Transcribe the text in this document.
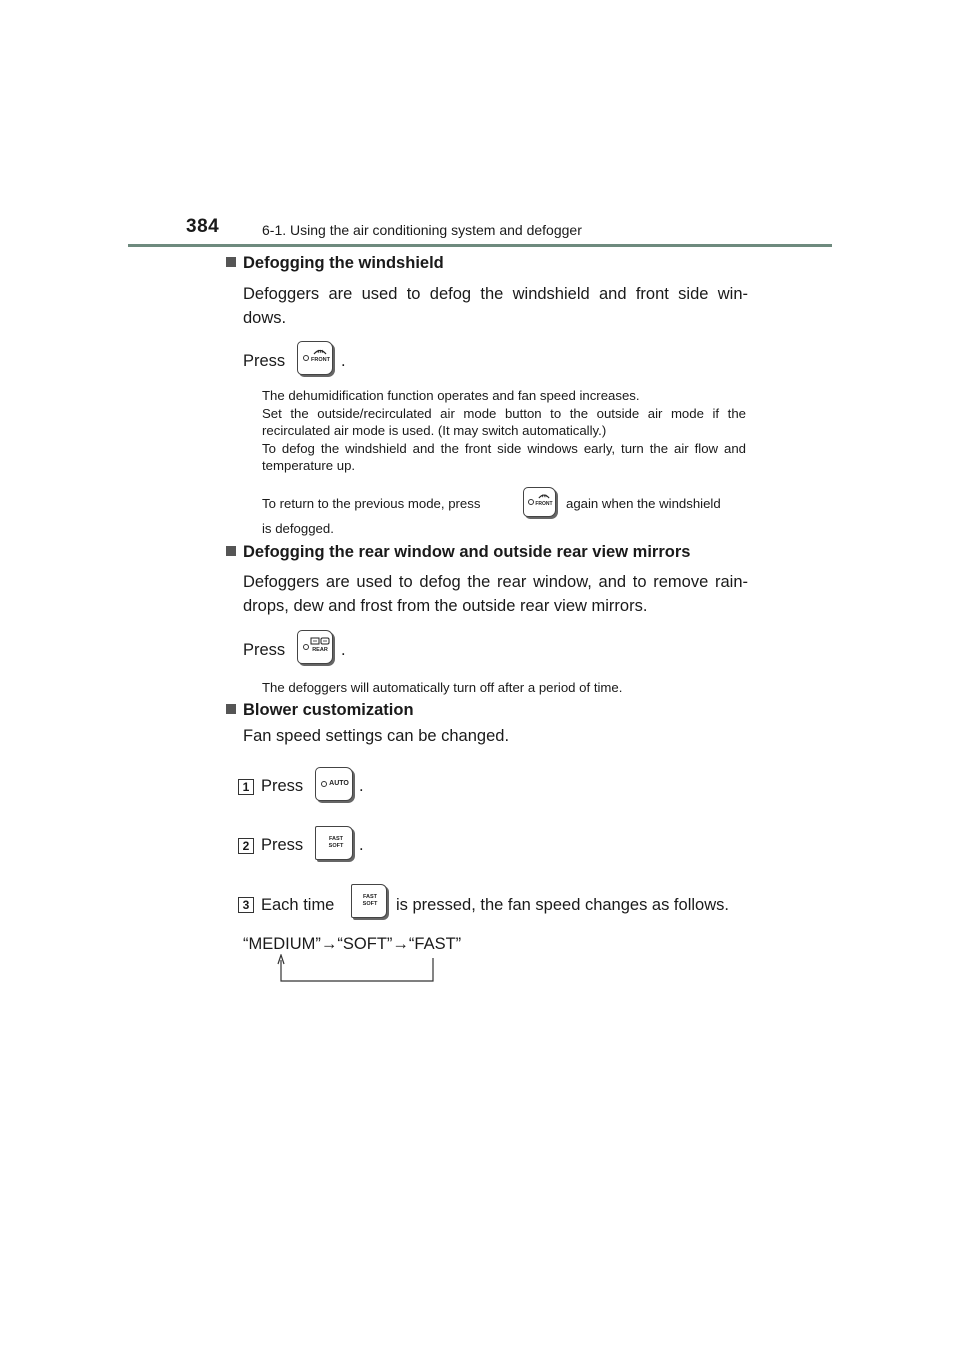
384	6-1. Using the air conditioning system and defogger
Defogging the windshield
Defoggers are used to defog the windshield and front side win-
dows.
Press	FRONT .
The dehumidification function operates and fan speed increases.
Set the outside/recirculated air mode button to the outside air mode if the recirculated air mode is used. (It may switch automatically.)
To defog the windshield and the front side windows early, turn the air flow and temperature up.
To return to the previous mode, press	FRONT again when the windshield
is defogged.
Defogging the rear window and outside rear view mirrors
Defoggers are used to defog the rear window, and to remove rain-
drops, dew and frost from the outside rear view mirrors.
Press	REAR .
The defoggers will automatically turn off after a period of time.
Blower customization
Fan speed settings can be changed.
1 Press	AUTO .
2 Press	FAST
SOFT .
3 Each time	FAST
SOFT is pressed, the fan speed changes as follows.
“MEDIUM”→“SOFT”→“FAST”
